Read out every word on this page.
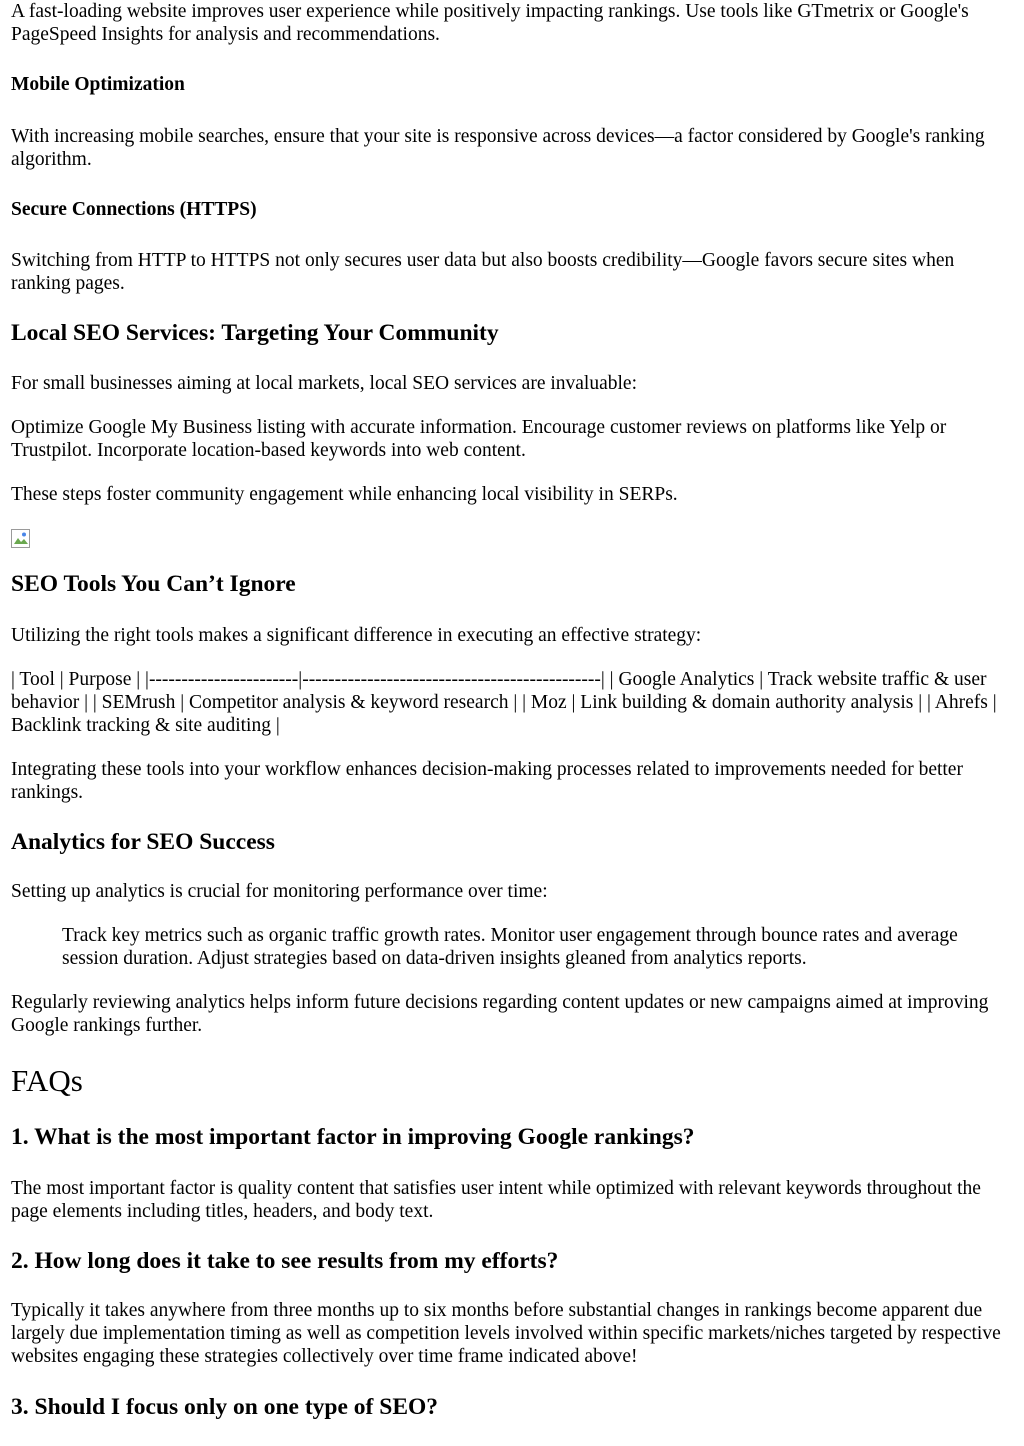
A fast-loading website improves user experience while positively impacting rankings. Use tools like GTmetrix or Google's PageSpeed Insights for analysis and recommendations.

Mobile Optimization

With increasing mobile searches, ensure that your site is responsive across devices—a factor considered by Google's ranking algorithm.

Secure Connections (HTTPS)

Switching from HTTP to HTTPS not only secures user data but also boosts credibility—Google favors secure sites when ranking pages.

Local SEO Services: Targeting Your Community

For small businesses aiming at local markets, local SEO services are invaluable:

Optimize Google My Business listing with accurate information. Encourage customer reviews on platforms like Yelp or Trustpilot. Incorporate location-based keywords into web content.

These steps foster community engagement while enhancing local visibility in SERPs.

SEO Tools You Can’t Ignore

Utilizing the right tools makes a significant difference in executing an effective strategy:

| Tool | Purpose | |-----------------------|----------------------------------------------| | Google Analytics | Track website traffic & user behavior | | SEMrush | Competitor analysis & keyword research | | Moz | Link building & domain authority analysis | | Ahrefs | Backlink tracking & site auditing |

Integrating these tools into your workflow enhances decision-making processes related to improvements needed for better rankings.

Analytics for SEO Success

Setting up analytics is crucial for monitoring performance over time:

Track key metrics such as organic traffic growth rates. Monitor user engagement through bounce rates and average session duration. Adjust strategies based on data-driven insights gleaned from analytics reports.

Regularly reviewing analytics helps inform future decisions regarding content updates or new campaigns aimed at improving Google rankings further.

FAQs
1. What is the most important factor in improving Google rankings?

The most important factor is quality content that satisfies user intent while optimized with relevant keywords throughout the page elements including titles, headers, and body text.

2. How long does it take to see results from my efforts?

Typically it takes anywhere from three months up to six months before substantial changes in rankings become apparent due largely due implementation timing as well as competition levels involved within specific markets/niches targeted by respective websites engaging these strategies collectively over time frame indicated above!

3. Should I focus only on one type of SEO?
